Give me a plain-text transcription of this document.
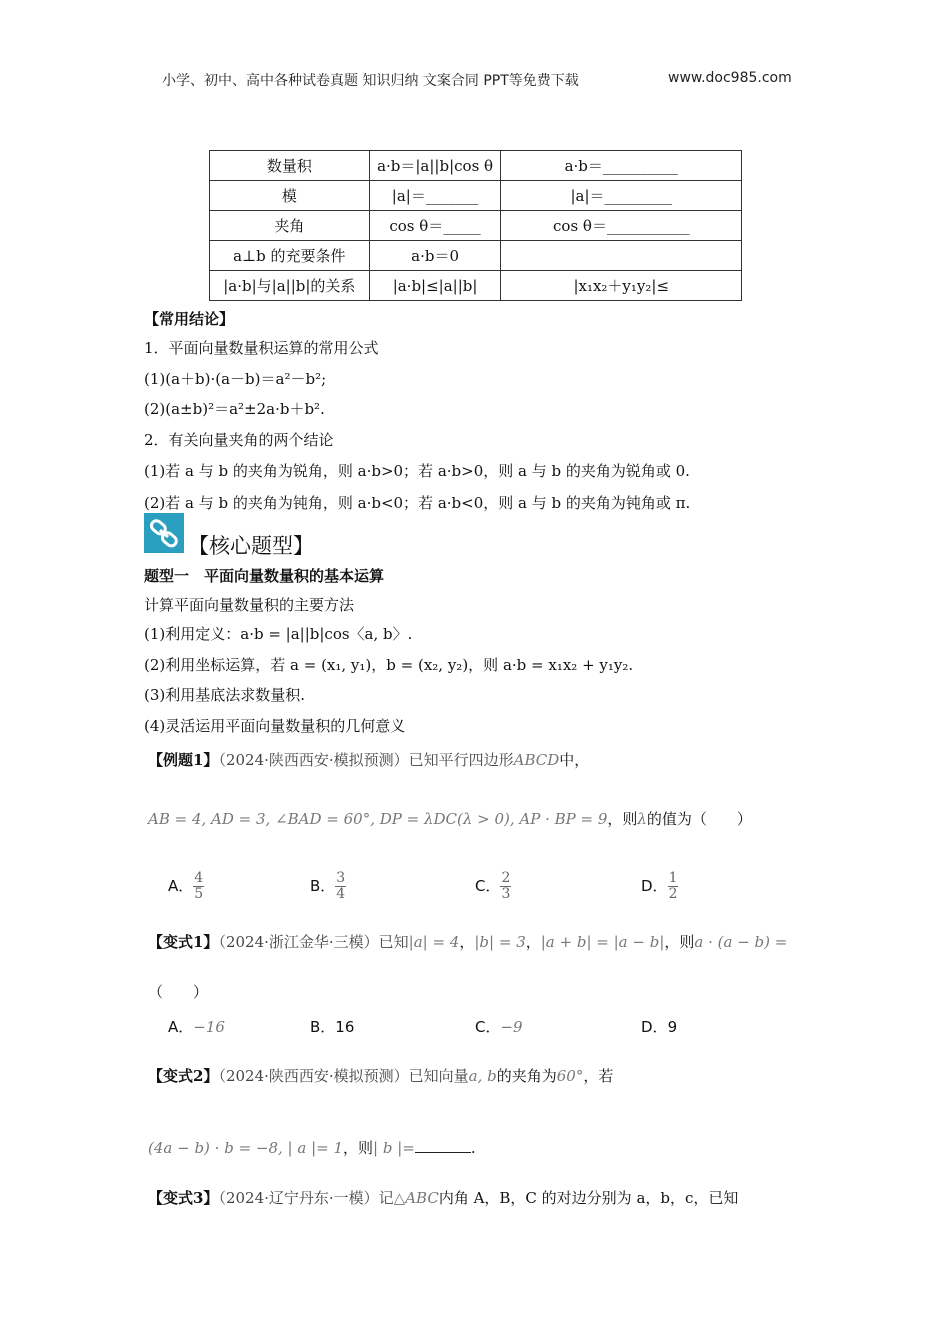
小学、初中、高中各种试卷真题 知识归纳 文案合同 PPT等免费下载	www.doc985.com
数量积	a·b＝|a||b|cos θ	a·b＝__________
模	|a|＝_______	|a|＝_________
夹角	cos θ＝_____	cos θ＝___________
a⊥b 的充要条件	a·b＝0	
|a·b|与|a||b|的关系	|a·b|≤|a||b|	|x₁x₂＋y₁y₂|≤
【常用结论】
1．平面向量数量积运算的常用公式
(1)(a＋b)·(a－b)＝a²－b²;
(2)(a±b)²＝a²±2a·b＋b².
2．有关向量夹角的两个结论
(1)若 a 与 b 的夹角为锐角，则 a·b>0；若 a·b>0，则 a 与 b 的夹角为锐角或 0.
(2)若 a 与 b 的夹角为钝角，则 a·b<0；若 a·b<0，则 a 与 b 的夹角为钝角或 π.
【核心题型】
题型一　平面向量数量积的基本运算
计算平面向量数量积的主要方法
(1)利用定义：a·b = |a||b|cos〈a, b〉.
(2)利用坐标运算，若 a = (x₁, y₁)，b = (x₂, y₂)，则 a·b = x₁x₂ + y₁y₂.
(3)利用基底法求数量积.
(4)灵活运用平面向量数量积的几何意义
【例题1】（2024·陕西西安·模拟预测）已知平行四边形ABCD中，
AB = 4, AD = 3, ∠BAD = 60°, DP = λDC(λ > 0), AP · BP = 9，则λ的值为（　　）
A． $\frac{4}{5}$	B． $\frac{3}{4}$	C． $\frac{2}{3}$	D． $\frac{1}{2}$
【变式1】（2024·浙江金华·三模）已知|a| = 4，|b| = 3，|a + b| = |a − b|，则a · (a − b) =
（　　）
A．−16	B．16	C．−9	D．9
【变式2】（2024·陕西西安·模拟预测）已知向量a, b的夹角为60°，若
(4a − b) · b = −8, | a |= 1，则| b |=	.
【变式3】（2024·辽宁丹东·一模）记△ABC内角 A，B，C 的对边分别为 a，b，c，已知
